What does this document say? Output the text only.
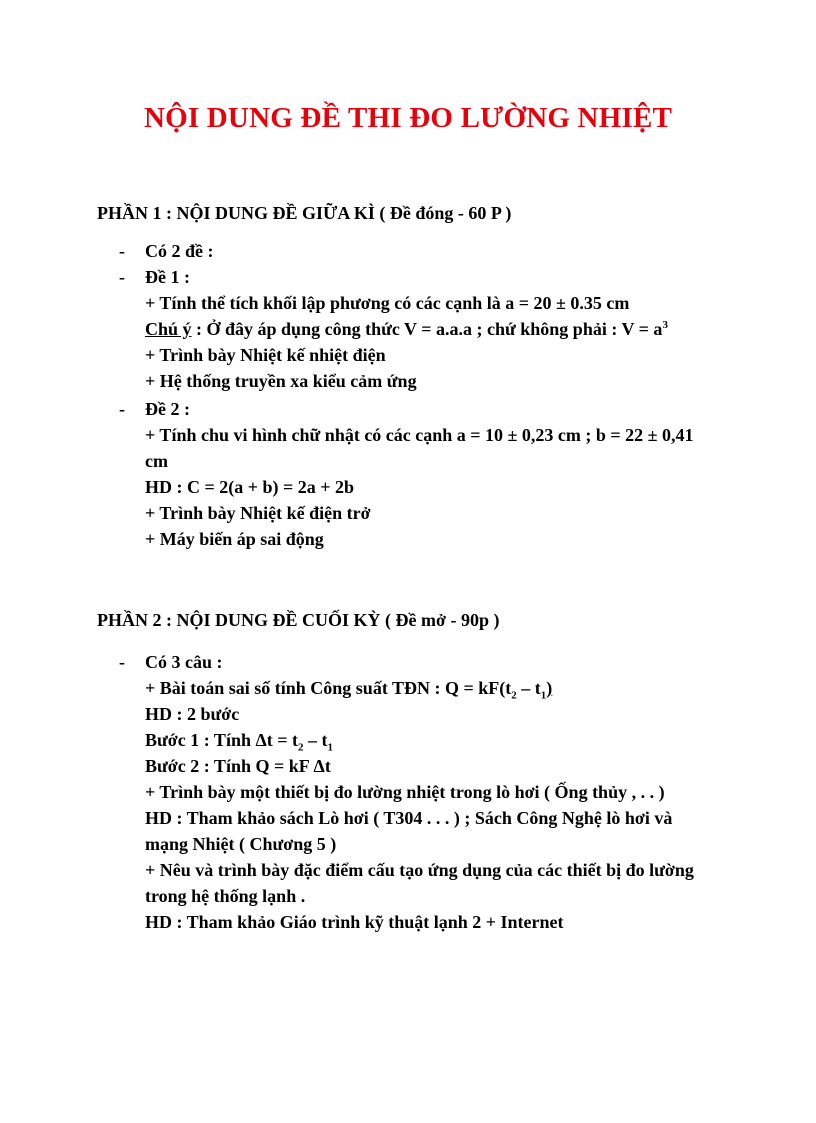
NỘI DUNG ĐỀ THI ĐO LƯỜNG NHIỆT
PHẦN 1 : NỘI DUNG ĐỀ GIỮA KÌ ( Đề đóng - 60 P )
- Có 2 đề :
- Đề 1 :
+ Tính thể tích khối lập phương có các cạnh là a = 20 ± 0.35 cm
Chú ý : Ở đây áp dụng công thức V = a.a.a ; chứ không phải : $V = a^3$
+ Trình bày Nhiệt kế nhiệt điện
+ Hệ thống truyền xa kiểu cảm ứng
- Đề 2 :
+ Tính chu vi hình chữ nhật có các cạnh a = 10 ± 0,23 cm ; b = 22 ± 0,41
cm
HD : C = 2(a + b) = 2a + 2b
+ Trình bày Nhiệt kế điện trở
+ Máy biến áp sai động
PHẦN 2 : NỘI DUNG ĐỀ CUỐI KỲ ( Đề mở - 90p )
- Có 3 câu :
+ Bài toán sai số tính Công suất TĐN : $Q = kF(t_2 - t_1)$
HD : 2 bước
Bước 1 : Tính $\Delta t = t_2 - t_1$
Bước 2 : Tính Q = kF Δt
+ Trình bày một thiết bị đo lường nhiệt trong lò hơi ( Ống thủy , . . )
HD : Tham khảo sách Lò hơi ( T304 . . . ) ; Sách Công Nghệ lò hơi và
mạng Nhiệt ( Chương 5 )
+ Nêu và trình bày đặc điểm cấu tạo ứng dụng của các thiết bị đo lường
trong hệ thống lạnh .
HD : Tham khảo Giáo trình kỹ thuật lạnh 2 + Internet
